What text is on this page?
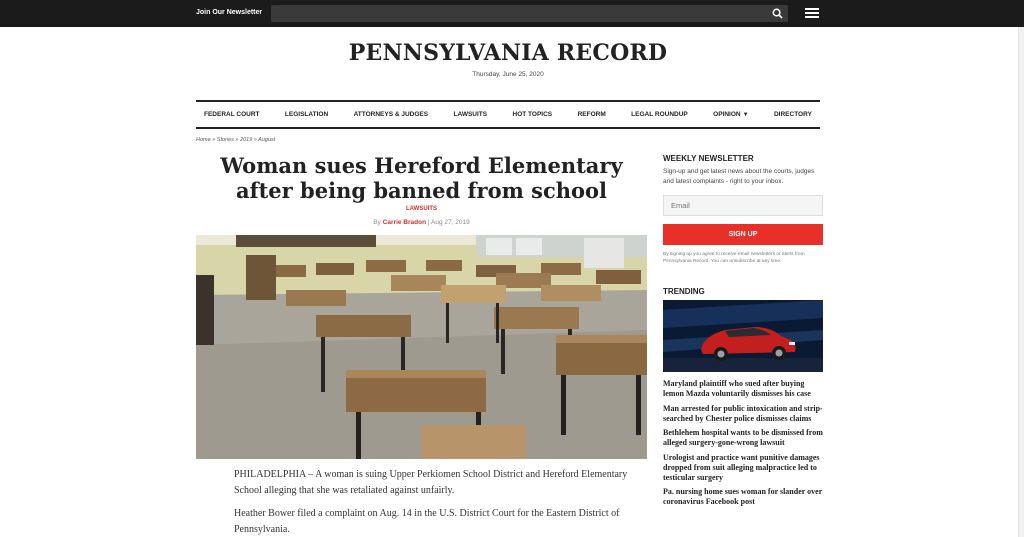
Join Our Newsletter
PENNSYLVANIA RECORD
Thursday, June 25, 2020
FEDERAL COURT	LEGISLATION	ATTORNEYS & JUDGES	LAWSUITS	HOT TOPICS	REFORM	LEGAL ROUNDUP	OPINION ▼	DIRECTORY
Home » Stories » 2019 » August
Woman sues Hereford Elementary after being banned from school
LAWSUITS
By Carrie Bradon | Aug 27, 2019

PHILADELPHIA – A woman is suing Upper Perkiomen School District and Hereford Elementary School alleging that she was retaliated against unfairly.

Heather Bower filed a complaint on Aug. 14 in the U.S. District Court for the Eastern District of Pennsylvania.

WEEKLY NEWSLETTER
Sign-up and get latest news about the courts, judges and latest complaints - right to your inbox.
Email
SIGN UP
By signing up you agree to receive email newsletters or alerts from Pennsylvania Record. You can unsubscribe at any time.
TRENDING
Maryland plaintiff who sued after buying lemon Mazda voluntarily dismisses his case
Man arrested for public intoxication and strip-searched by Chester police dismisses claims
Bethlehem hospital wants to be dismissed from alleged surgery-gone-wrong lawsuit
Urologist and practice want punitive damages dropped from suit alleging malpractice led to testicular surgery
Pa. nursing home sues woman for slander over coronavirus Facebook post
